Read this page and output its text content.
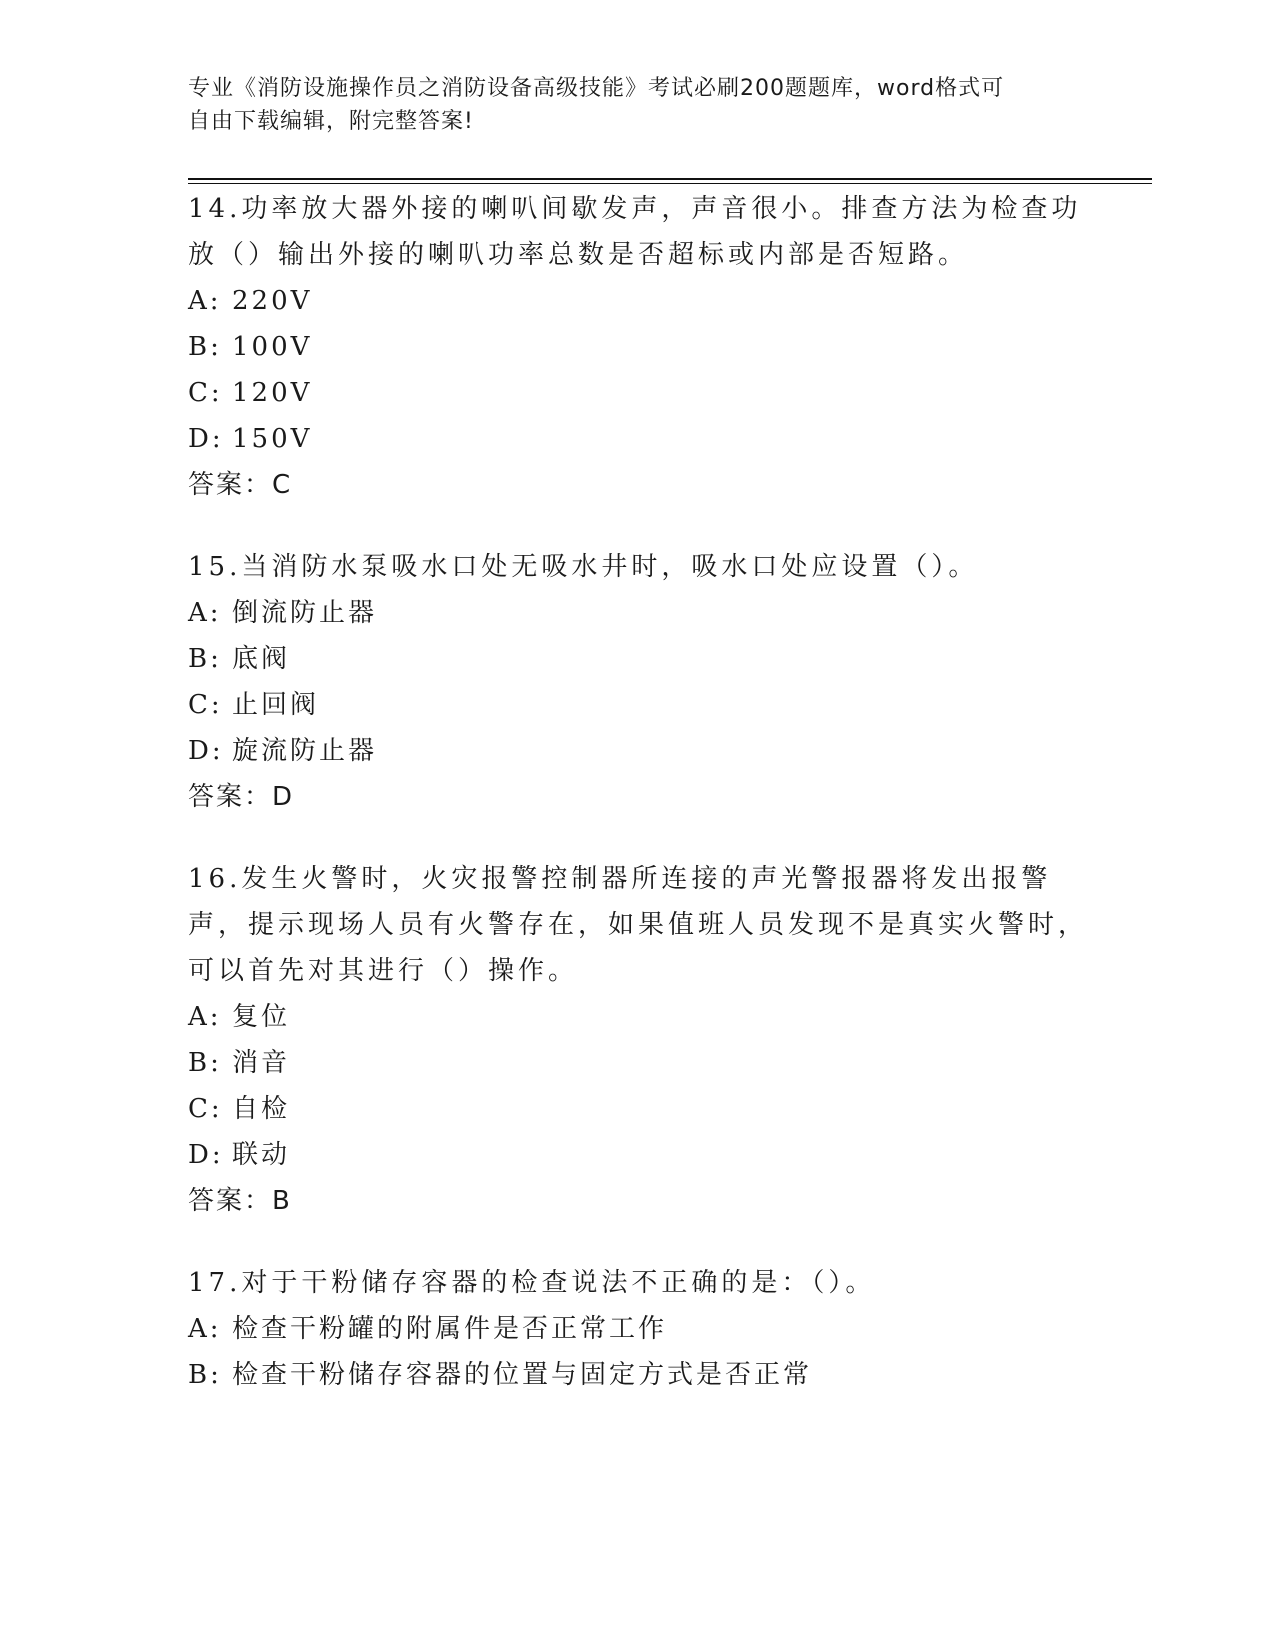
专业《消防设施操作员之消防设备高级技能》考试必刷200题题库，word格式可
自由下载编辑，附完整答案!

14.功率放大器外接的喇叭间歇发声，声音很小。排查方法为检查功放（）输出外接的喇叭功率总数是否超标或内部是否短路。

A: 220V

B: 100V

C: 120V

D: 150V

答案：C

15.当消防水泵吸水口处无吸水井时，吸水口处应设置（）。

A: 倒流防止器

B: 底阀

C: 止回阀

D: 旋流防止器

答案：D

16.发生火警时，火灾报警控制器所连接的声光警报器将发出报警声，提示现场人员有火警存在，如果值班人员发现不是真实火警时，可以首先对其进行（）操作。

A: 复位

B: 消音

C: 自检

D: 联动

答案：B

17.对于干粉储存容器的检查说法不正确的是：（）。

A: 检查干粉罐的附属件是否正常工作

B: 检查干粉储存容器的位置与固定方式是否正常
